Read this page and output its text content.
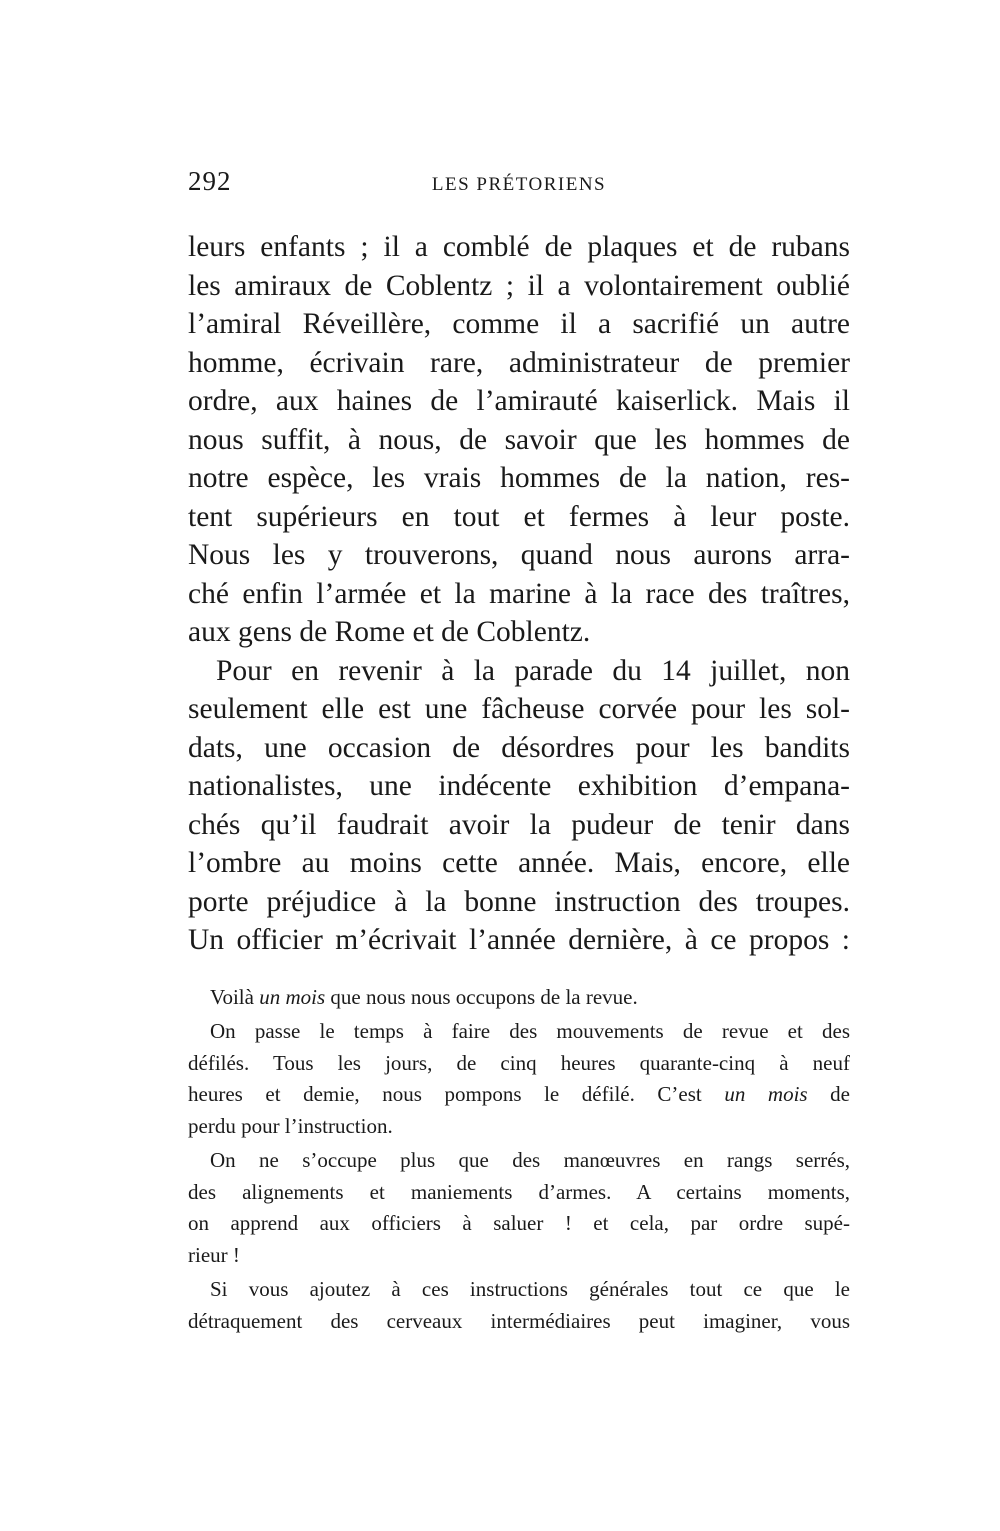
292	LES PRÉTORIENS
leurs enfants ; il a comblé de plaques et de rubans
les amiraux de Coblentz ; il a volontairement oublié
l’amiral Réveillère, comme il a sacrifié un autre
homme, écrivain rare, administrateur de premier
ordre, aux haines de l’amirauté kaiserlick. Mais il
nous suffit, à nous, de savoir que les hommes de
notre espèce, les vrais hommes de la nation, res-
tent supérieurs en tout et fermes à leur poste.
Nous les y trouverons, quand nous aurons arra-
ché enfin l’armée et la marine à la race des traîtres,
aux gens de Rome et de Coblentz.
Pour en revenir à la parade du 14 juillet, non
seulement elle est une fâcheuse corvée pour les sol-
dats, une occasion de désordres pour les bandits
nationalistes, une indécente exhibition d’empana-
chés qu’il faudrait avoir la pudeur de tenir dans
l’ombre au moins cette année. Mais, encore, elle
porte préjudice à la bonne instruction des troupes.
Un officier m’écrivait l’année dernière, à ce propos :
Voilà un mois que nous nous occupons de la revue.
On passe le temps à faire des mouvements de revue et des
défilés. Tous les jours, de cinq heures quarante-cinq à neuf
heures et demie, nous pompons le défilé. C’est un mois de
perdu pour l’instruction.
On ne s’occupe plus que des manœuvres en rangs serrés,
des alignements et maniements d’armes. A certains moments,
on apprend aux officiers à saluer ! et cela, par ordre supé-
rieur !
Si vous ajoutez à ces instructions générales tout ce que le
détraquement des cerveaux intermédiaires peut imaginer, vous
